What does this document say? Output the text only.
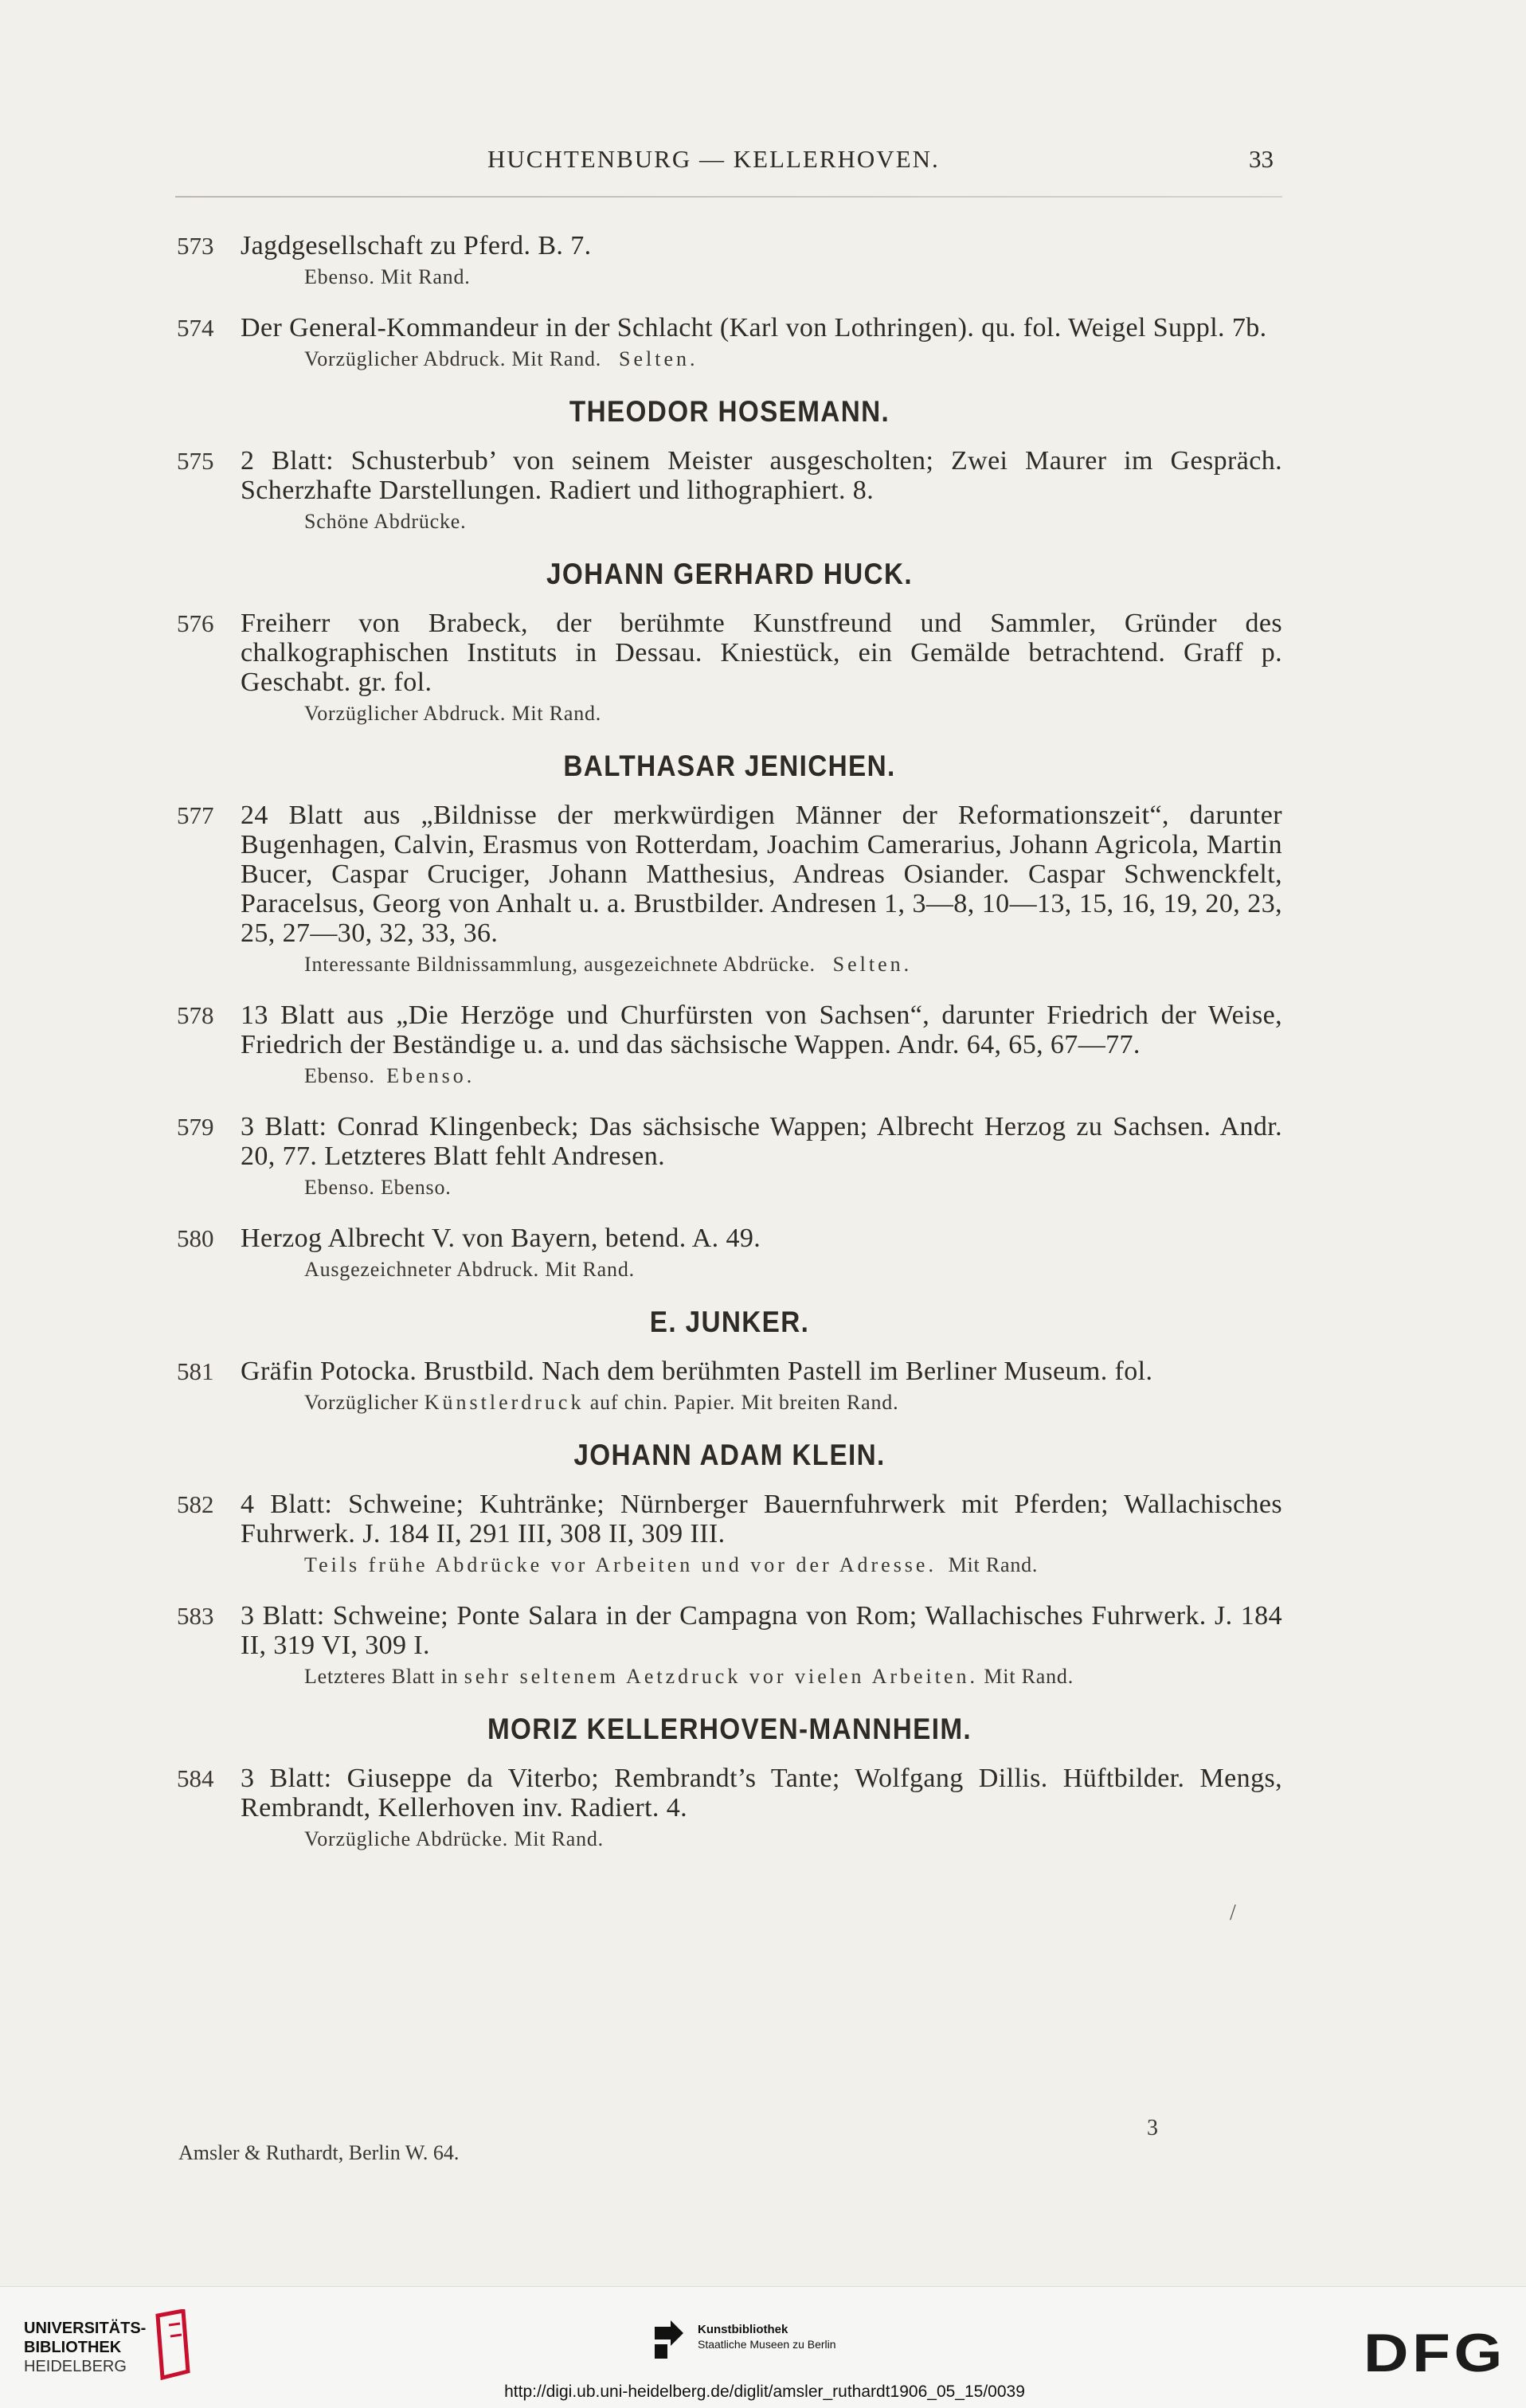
HUCHTENBURG — KELLERHOVEN.	33
573 Jagdgesellschaft zu Pferd. B. 7.
Ebenso. Mit Rand.
574 Der General-Kommandeur in der Schlacht (Karl von Lothringen). qu. fol. Weigel Suppl. 7b.
Vorzüglicher Abdruck. Mit Rand. Selten.
THEODOR HOSEMANN.
575 2 Blatt: Schusterbub’ von seinem Meister ausgescholten; Zwei Maurer im Gespräch. Scherzhafte Darstellungen. Radiert und lithographiert. 8.
Schöne Abdrücke.
JOHANN GERHARD HUCK.
576 Freiherr von Brabeck, der berühmte Kunstfreund und Sammler, Gründer des chalkographischen Instituts in Dessau. Kniestück, ein Gemälde betrachtend. Graff p. Geschabt. gr. fol.
Vorzüglicher Abdruck. Mit Rand.
BALTHASAR JENICHEN.
577 24 Blatt aus „Bildnisse der merkwürdigen Männer der Reformationszeit“, darunter Bugenhagen, Calvin, Erasmus von Rotterdam, Joachim Camerarius, Johann Agricola, Martin Bucer, Caspar Cruciger, Johann Matthesius, Andreas Osiander. Caspar Schwenckfelt, Paracelsus, Georg von Anhalt u. a. Brustbilder. Andresen 1, 3—8, 10—13, 15, 16, 19, 20, 23, 25, 27—30, 32, 33, 36.
Interessante Bildnissammlung, ausgezeichnete Abdrücke. Selten.
578 13 Blatt aus „Die Herzöge und Churfürsten von Sachsen“, darunter Friedrich der Weise, Friedrich der Beständige u. a. und das sächsische Wappen. Andr. 64, 65, 67—77.
Ebenso. Ebenso.
579 3 Blatt: Conrad Klingenbeck; Das sächsische Wappen; Albrecht Herzog zu Sachsen. Andr. 20, 77. Letzteres Blatt fehlt Andresen.
Ebenso. Ebenso.
580 Herzog Albrecht V. von Bayern, betend. A. 49.
Ausgezeichneter Abdruck. Mit Rand.
E. JUNKER.
581 Gräfin Potocka. Brustbild. Nach dem berühmten Pastell im Berliner Museum. fol.
Vorzüglicher Künstlerdruck auf chin. Papier. Mit breiten Rand.
JOHANN ADAM KLEIN.
582 4 Blatt: Schweine; Kuhtränke; Nürnberger Bauernfuhrwerk mit Pferden; Wallachisches Fuhrwerk. J. 184 II, 291 III, 308 II, 309 III.
Teils frühe Abdrücke vor Arbeiten und vor der Adresse. Mit Rand.
583 3 Blatt: Schweine; Ponte Salara in der Campagna von Rom; Wallachisches Fuhrwerk. J. 184 II, 319 VI, 309 I.
Letzteres Blatt in sehr seltenem Aetzdruck vor vielen Arbeiten. Mit Rand.
MORIZ KELLERHOVEN-MANNHEIM.
584 3 Blatt: Giuseppe da Viterbo; Rembrandt’s Tante; Wolfgang Dillis. Hüftbilder. Mengs, Rembrandt, Kellerhoven inv. Radiert. 4.
Vorzügliche Abdrücke. Mit Rand.
/
Amsler & Ruthardt, Berlin W. 64.
3
UNIVERSITÄTS-
BIBLIOTHEK
HEIDELBERG
Kunstbibliothek
Staatliche Museen zu Berlin	DFG
http://digi.ub.uni-heidelberg.de/diglit/amsler_ruthardt1906_05_15/0039
